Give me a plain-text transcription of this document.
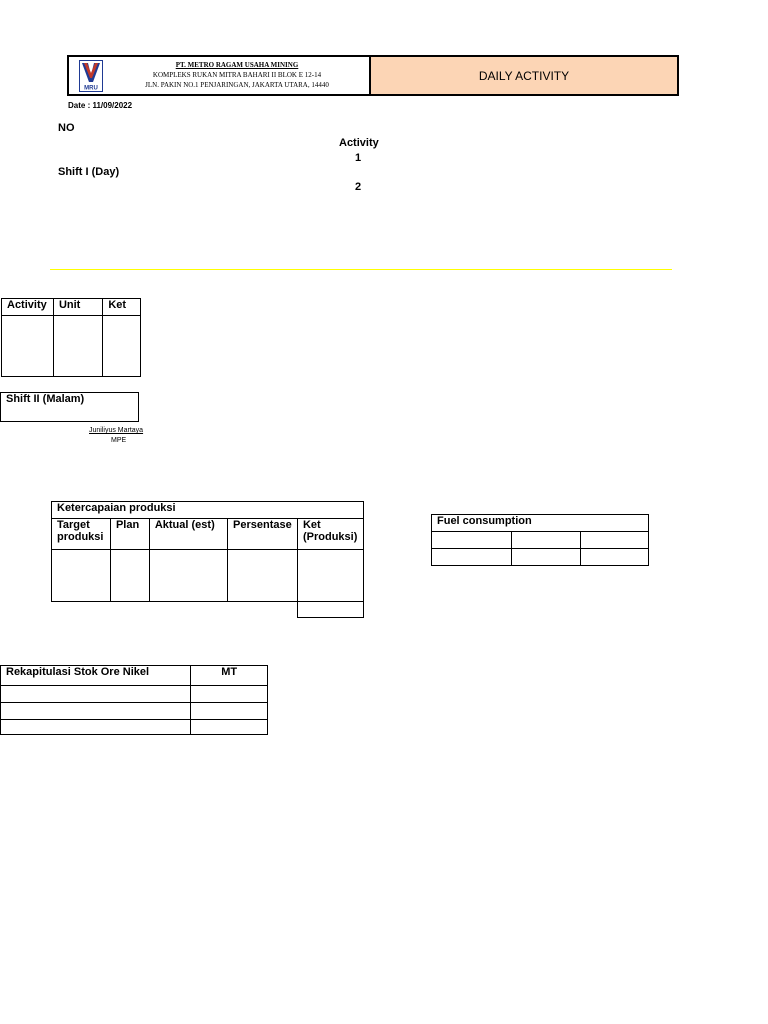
MRU
PT. METRO RAGAM USAHA MINING
KOMPLEKS RUKAN MITRA BAHARI II BLOK E 12-14
JLN. PAKIN NO.1 PENJARINGAN, JAKARTA UTARA, 14440
DAILY ACTIVITY
Date : 11/09/2022
NO
Activity
1
Shift I (Day)
2
Activity	Unit	Ket

Shift II (Malam)
Juniliyus Martaya
MPE
Ketercapaian produksi				
Target produksi	Plan	Aktual (est)	Persentase	Ket (Produksi)

Fuel consumption		

Rekapitulasi Stok Ore Nikel	MT
